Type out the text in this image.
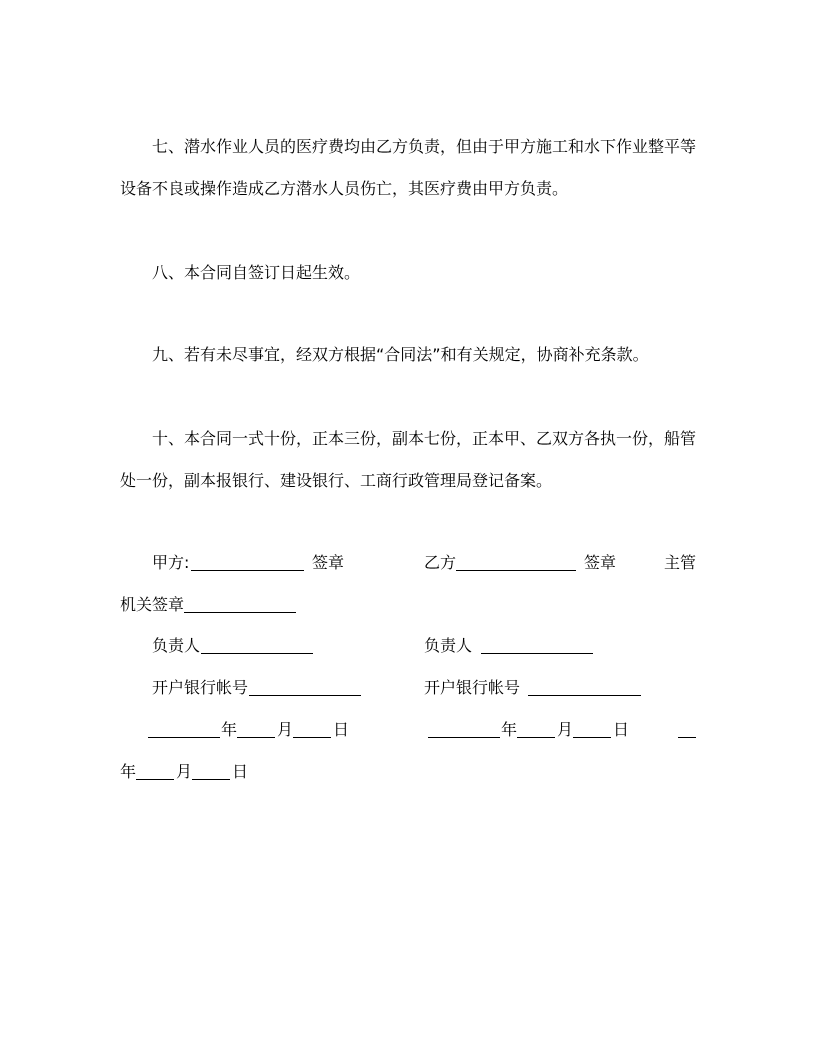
七、潜水作业人员的医疗费均由乙方负责，但由于甲方施工和水下作业整平等
设备不良或操作造成乙方潜水人员伤亡，其医疗费由甲方负责。
八、本合同自签订日起生效。
九、若有未尽事宜，经双方根据“合同法”和有关规定，协商补充条款。
十、本合同一式十份，正本三份，副本七份，正本甲、乙双方各执一份，船管
处一份，副本报银行、建设银行、工商行政管理局登记备案。
甲方:	签章	乙方	签章	主管
机关签章
负责人	负责人
开户银行帐号	开户银行帐号
年 月 日	年 月 日
年 月 日
